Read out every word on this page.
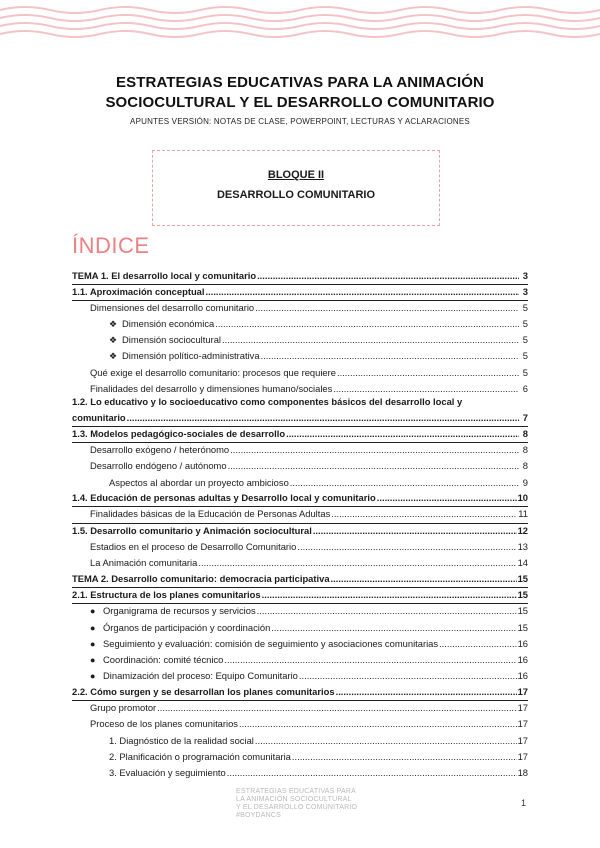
ESTRATEGIAS EDUCATIVAS PARA LA ANIMACIÓN
SOCIOCULTURAL Y EL DESARROLLO COMUNITARIO
APUNTES VERSIÓN: NOTAS DE CLASE, POWERPOINT, LECTURAS Y ACLARACIONES
BLOQUE II
DESARROLLO COMUNITARIO
ÍNDICE
TEMA 1. El desarrollo local y comunitario .....	3
1.1. Aproximación conceptual .....	3
Dimensiones del desarrollo comunitario .....	5
❖ Dimensión económica .....	5
❖ Dimensión sociocultural .....	5
❖ Dimensión político-administrativa .....	5
Qué exige el desarrollo comunitario: procesos que requiere .....	5
Finalidades del desarrollo y dimensiones humano/sociales .....	6
1.2. Lo educativo y lo socioeducativo como componentes básicos del desarrollo local y
comunitario .....	7
1.3. Modelos pedagógico-sociales de desarrollo .....	8
Desarrollo exógeno / heterónomo .....	8
Desarrollo endógeno / autónomo .....	8
Aspectos al abordar un proyecto ambicioso .....	9
1.4. Educación de personas adultas y Desarrollo local y comunitario .....	10
Finalidades básicas de la Educación de Personas Adultas .....	11
1.5. Desarrollo comunitario y Animación sociocultural .....	12
Estadios en el proceso de Desarrollo Comunitario .....	13
La Animación comunitaria .....	14
TEMA 2. Desarrollo comunitario: democracia participativa .....	15
2.1. Estructura de los planes comunitarios .....	15
● Organigrama de recursos y servicios .....	15
● Órganos de participación y coordinación .....	15
● Seguimiento y evaluación: comisión de seguimiento y asociaciones comunitarias .....	16
● Coordinación: comité técnico .....	16
● Dinamización del proceso: Equipo Comunitario .....	16
2.2. Cómo surgen y se desarrollan los planes comunitarios .....	17
Grupo promotor .....	17
Proceso de los planes comunitarios .....	17
1. Diagnóstico de la realidad social .....	17
2. Planificación o programación comunitaria .....	17
3. Evaluación y seguimiento .....	18
ESTRATEGIAS EDUCATIVAS PARA
LA ANIMACIÓN SOCIOCULTURAL
Y EL DESARROLLO COMUNITARIO
#BOYDANCS
1
